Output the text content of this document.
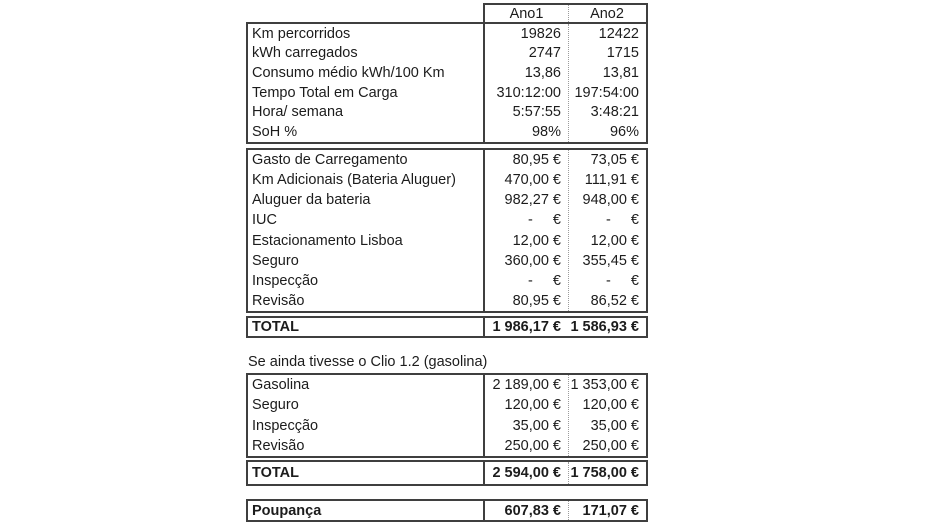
Ano1	Ano2
Km percorridos	19826	12422
kWh carregados	2747	1715
Consumo médio kWh/100 Km	13,86	13,81
Tempo Total em Carga	310:12:00 197:54:00
Hora/ semana	5:57:55	3:48:21
SoH %	98%	96%
Gasto de Carregamento	80,95 €	73,05 €
Km Adicionais (Bateria Aluguer)	470,00 €	111,91 €
Aluguer da bateria	982,27 €	948,00 €
IUC	-     €	-     €
Estacionamento Lisboa	12,00 €	12,00 €
Seguro	360,00 €	355,45 €
Inspecção	-     €	-     €
Revisão	80,95 €	86,52 €
TOTAL	1 986,17 € 1 586,93 €
Se ainda tivesse o Clio 1.2 (gasolina)
Gasolina	2 189,00 € 1 353,00 €
Seguro	120,00 €	120,00 €
Inspecção	35,00 €	35,00 €
Revisão	250,00 €	250,00 €
TOTAL	2 594,00 € 1 758,00 €
Poupança	607,83 €	171,07 €
